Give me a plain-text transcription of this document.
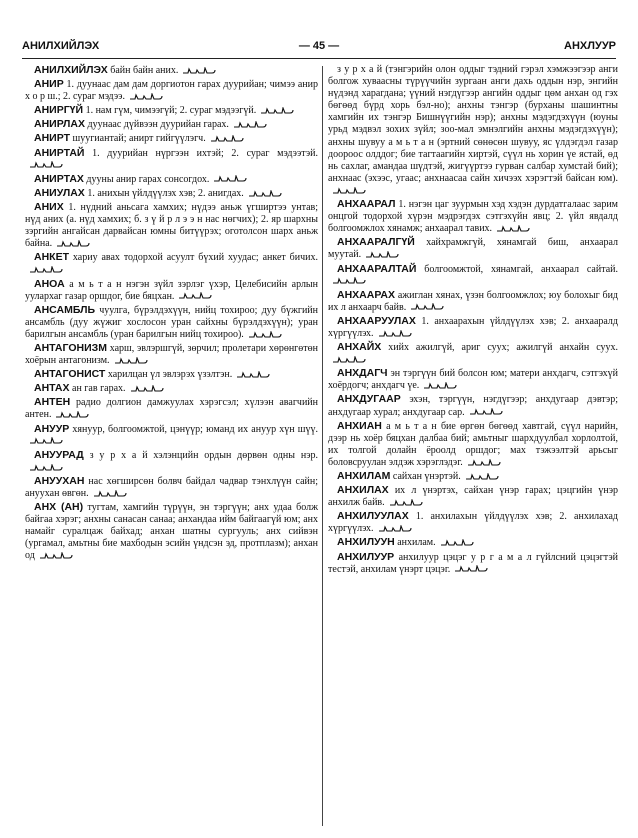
АНИЛХИЙЛЭХ	— 45 —	АНХЛУУР

АНИЛХИЙЛЭХ байн байн аних.

АНИР 1. дуунаас дам дам доргиотон гарах дуурийан; чимээ анир х о р ш.; 2. сураг мэдээ.

АНИРГҮЙ 1. нам гүм, чимээгүй; 2. сураг мэдээгүй.

АНИРЛАХ дуунаас дүйвээн дуурийан гарах.

АНИРТ шуугиантай; анирт гийгүүлэгч.

АНИРТАЙ 1. дуурийан нүргээн ихтэй; 2. сураг мэдээтэй.

АНИРТАХ дууны анир гарах сонсогдох.

АНИУЛАХ 1. анихын үйлдүүлэх хэв; 2. анигдах.

АНИХ 1. нүдний аньсага хамхих; нүдээ аньж үгширтээ унтав; нүд аних (а. нүд хамхих; б. з ү й р л э э н нас нөгчих); 2. яр шархны зэргийн ангайсан дарвайсан юмны битүүрэх; оготолсон шарх аньж байна.

АНКЕТ хариу авах тодорхой асуулт бүхий хуудас; анкет бичих.

АНОА а м ь т а н нэгэн зүйл зэрлэг үхэр, Целебисийн арлын уулархаг газар оршдог, бие бяцхан.

АНСАМБЛЬ чуулга, бүрэлдэхүүн, нийц тохироо; дуу бүжгийн ансамбль (дуу жүжиг хослосон уран сайхны бүрэлдэхүүн); уран барилгын ансамбль (уран барилгын нийц тохироо).

АНТАГОНИЗМ харш, эвлэршгүй, зөрчил; пролетари хөрөнгөтөн хоёрын антагонизм.

АНТАГОНИСТ харилцан үл эвлэрэх үзэлтэн.

АНТАХ ан гав гарах.

АНТЕН радио долгион дамжуулах хэрэгсэл; хүлээн авагчийн антен.

АНУУР хянуур, болгоомжтой, цэнүүр; юманд их ануур хүн шүү.

АНУУРАД з у р х а й хэлэнцийн ордын дөрвөн одны нэр.

АНУУХАН нас хөгширсөн болвч байдал чадвар тэнхлүүн сайн; ануухан өвгөн.

АНХ (АН) тугтам, хамгийн түрүүн, эн тэргүүн; анх удаа болж байгаа хэрэг; анхны санасан санаа; анхандаа ийм байгаагүй юм; анх намайг суралцаж байхад; анхан шатны сургууль; анх сийвэн (ургамал, амьтны бие махбодын эсийн үндсэн эд, протплазм); анхан од

з у р х а й (тэнгэрийн олон оддыг тэдний гэрэл хэмжээгээр анги болгож хуваасны түрүүчийн зургаан анги дахь оддын нэр, энгийн нүдэнд харагдана; үүний нэгдүгээр ангийн оддыг цөм анхан од гэх бөгөөд бүрд хорь бэл-но); анхны тэнгэр (бурханы шашинтны хамгийн их тэнгэр Бишнүүгийн нэр); анхны мэдэгдэхүүн (юуны урьд мэдвэл зохих зүйл; зоо-мал эмнэлгийн анхны мэдэгдэхүүн); анхны шувуу а м ь т а н (эртний сөнөсөн шувуу, яс үлдэгдэл газар доороос олддог; бие тагтаагийн хиртэй, сүүл нь хорин үе ястай, өд нь сахлаг, амандаа шүдтэй, жигүүртээ гурван салбар хумстай бий); анхнаас (эхээс, угаас; анхнаасаа сайн хичээх хэрэгтэй байсан юм).

АНХААРАЛ 1. нэгэн цаг зуурмын хэд хэдэн дурдатгалаас зарим онцгой тодорхой хүрэн мэдрэгдэх сэтгэхүйн явц; 2. үйл явдалд болгоомжлох хянамж; анхаарал тавих.

АНХААРАЛГҮЙ хайхрамжгүй, хянамгай биш, анхаарал муутай.

АНХААРАЛТАЙ болгоомжтой, хянамгай, анхаарал сайтай.

АНХААРАХ ажиглан хянах, үзэн болгоомжлох; юу болохыг бид их л анхаарч байв.

АНХААРУУЛАХ 1. анхаарахын үйлдүүлэх хэв; 2. анхааралд хүргүүлэх.

АНХАЙХ хийх ажилгүй, ариг суух; ажилгүй анхайн суух.

АНХДАГЧ эн тэргүүн бий болсон юм; матери анхдагч, сэтгэхүй хоёрдогч; анхдагч үе.

АНХДУГААР эхэн, тэргүүн, нэгдүгээр; анхдугаар дэвтэр; анхдугаар хурал; анхдугаар сар.

АНХИАН а м ь т а н бие өргөн бөгөөд хавтгай, сүүл нарийн, дээр нь хоёр бяцхан далбаа бий; амьтныг шархдуулбал хорлолтой, их толгой долайн ёроолд оршдог; мах тэжээлтэй арьсыг боловсруулан элдэж хэрэглэдэг.

АНХИЛАМ сайхан үнэртэй.

АНХИЛАХ их л үнэртэх, сайхан үнэр гарах; цэцгийн үнэр анхилж байв.

АНХИЛУУЛАХ 1. анхилахын үйлдүүлэх хэв; 2. анхилахад хүргүүлэх.

АНХИЛУУН анхилам.

АНХИЛУУР анхилуур цэцэг у р г а м а л гүйлсний цэцэгтэй тестэй, анхилам үнэрт цэцэг.
